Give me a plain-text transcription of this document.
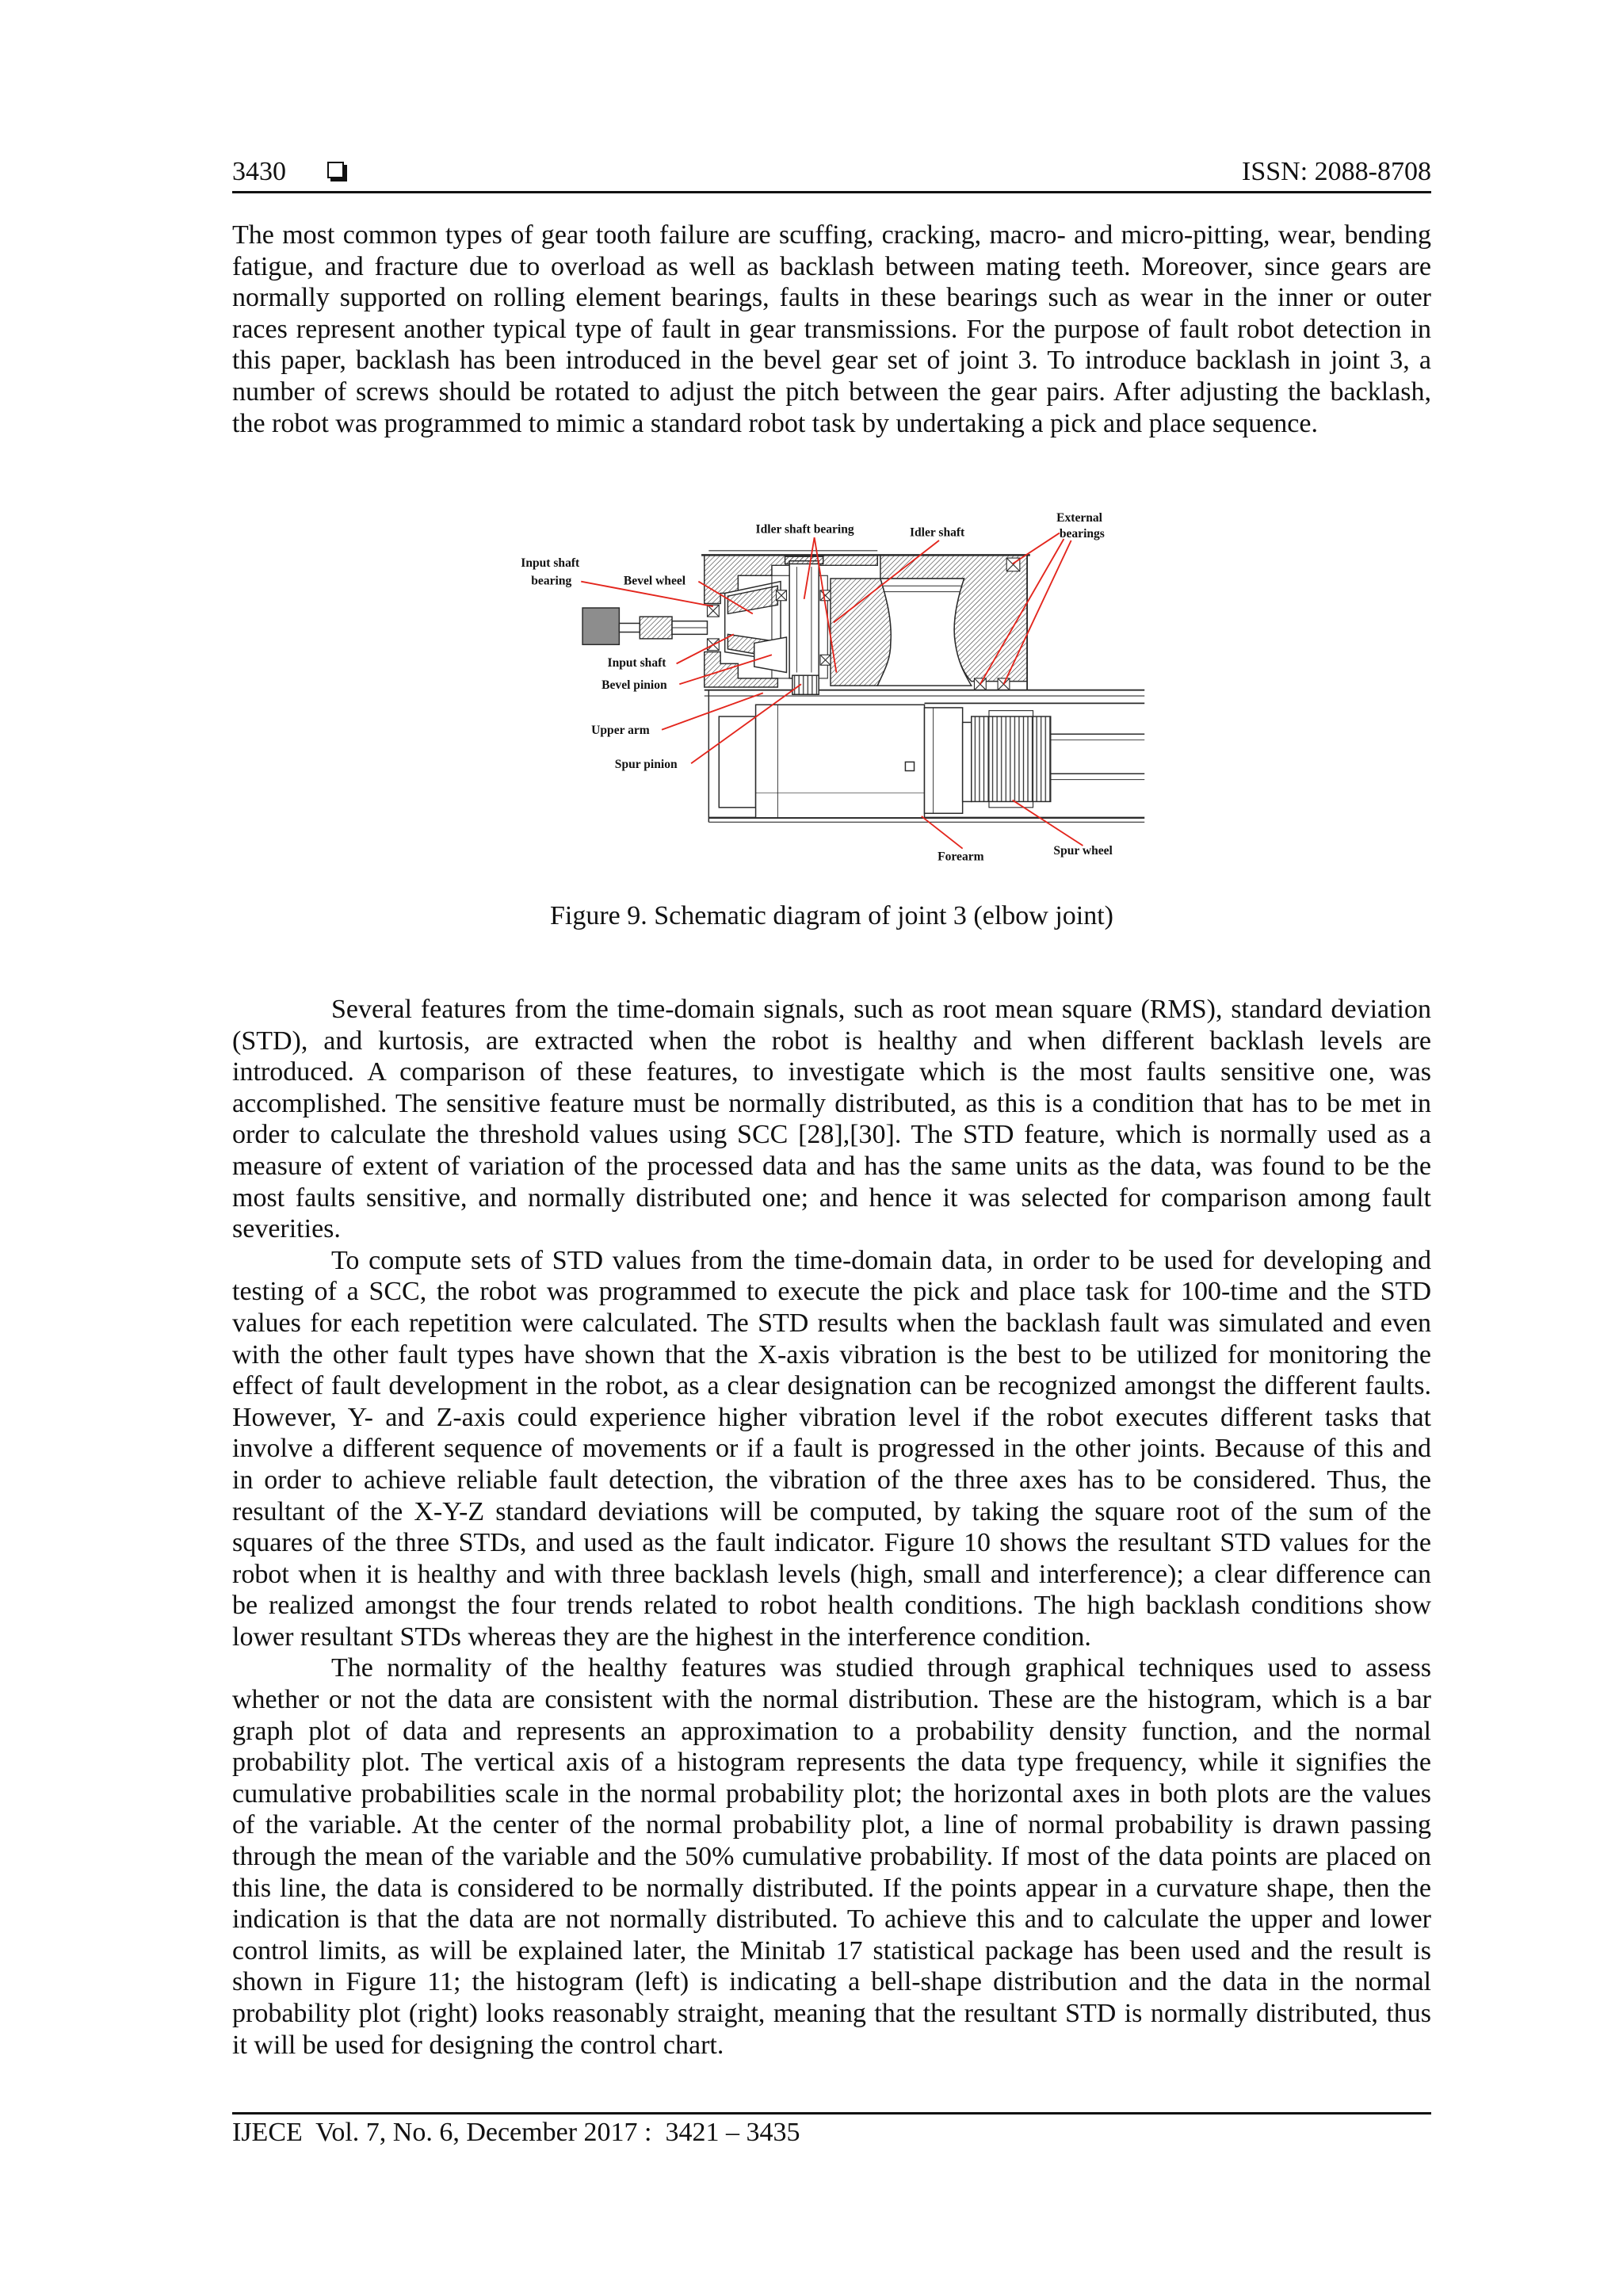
3430	ISSN: 2088-8708
The most common types of gear tooth failure are scuffing, cracking, macro- and micro-pitting, wear, bending
fatigue, and fracture due to overload as well as backlash between mating teeth. Moreover, since gears are
normally supported on rolling element bearings, faults in these bearings such as wear in the inner or outer
races represent another typical type of fault in gear transmissions. For the purpose of fault robot detection in
this paper, backlash has been introduced in the bevel gear set of joint 3. To introduce backlash in joint 3, a
number of screws should be rotated to adjust the pitch between the gear pairs. After adjusting the backlash,
the robot was programmed to mimic a standard robot task by undertaking a pick and place sequence.
Idler shaft bearing	Idler shaft
External
bearings
Input shaft
bearing	Bevel wheel
Input shaft
Bevel pinion
Upper arm
Spur pinion
Forearm	Spur wheel
Figure 9. Schematic diagram of joint 3 (elbow joint)
Several features from the time-domain signals, such as root mean square (RMS), standard deviation
(STD), and kurtosis, are extracted when the robot is healthy and when different backlash levels are
introduced. A comparison of these features, to investigate which is the most faults sensitive one, was
accomplished. The sensitive feature must be normally distributed, as this is a condition that has to be met in
order to calculate the threshold values using SCC [28],[30]. The STD feature, which is normally used as a
measure of extent of variation of the processed data and has the same units as the data, was found to be the
most faults sensitive, and normally distributed one; and hence it was selected for comparison among fault
severities.
To compute sets of STD values from the time-domain data, in order to be used for developing and
testing of a SCC, the robot was programmed to execute the pick and place task for 100-time and the STD
values for each repetition were calculated. The STD results when the backlash fault was simulated and even
with the other fault types have shown that the X-axis vibration is the best to be utilized for monitoring the
effect of fault development in the robot, as a clear designation can be recognized amongst the different faults.
However, Y- and Z-axis could experience higher vibration level if the robot executes different tasks that
involve a different sequence of movements or if a fault is progressed in the other joints. Because of this and
in order to achieve reliable fault detection, the vibration of the three axes has to be considered. Thus, the
resultant of the X-Y-Z standard deviations will be computed, by taking the square root of the sum of the
squares of the three STDs, and used as the fault indicator. Figure 10 shows the resultant STD values for the
robot when it is healthy and with three backlash levels (high, small and interference); a clear difference can
be realized amongst the four trends related to robot health conditions. The high backlash conditions show
lower resultant STDs whereas they are the highest in the interference condition.
The normality of the healthy features was studied through graphical techniques used to assess
whether or not the data are consistent with the normal distribution. These are the histogram, which is a bar
graph plot of data and represents an approximation to a probability density function, and the normal
probability plot. The vertical axis of a histogram represents the data type frequency, while it signifies the
cumulative probabilities scale in the normal probability plot; the horizontal axes in both plots are the values
of the variable. At the center of the normal probability plot, a line of normal probability is drawn passing
through the mean of the variable and the 50% cumulative probability. If most of the data points are placed on
this line, the data is considered to be normally distributed. If the points appear in a curvature shape, then the
indication is that the data are not normally distributed. To achieve this and to calculate the upper and lower
control limits, as will be explained later, the Minitab 17 statistical package has been used and the result is
shown in Figure 11; the histogram (left) is indicating a bell-shape distribution and the data in the normal
probability plot (right) looks reasonably straight, meaning that the resultant STD is normally distributed, thus
it will be used for designing the control chart.
IJECE  Vol. 7, No. 6, December 2017 :  3421 – 3435
